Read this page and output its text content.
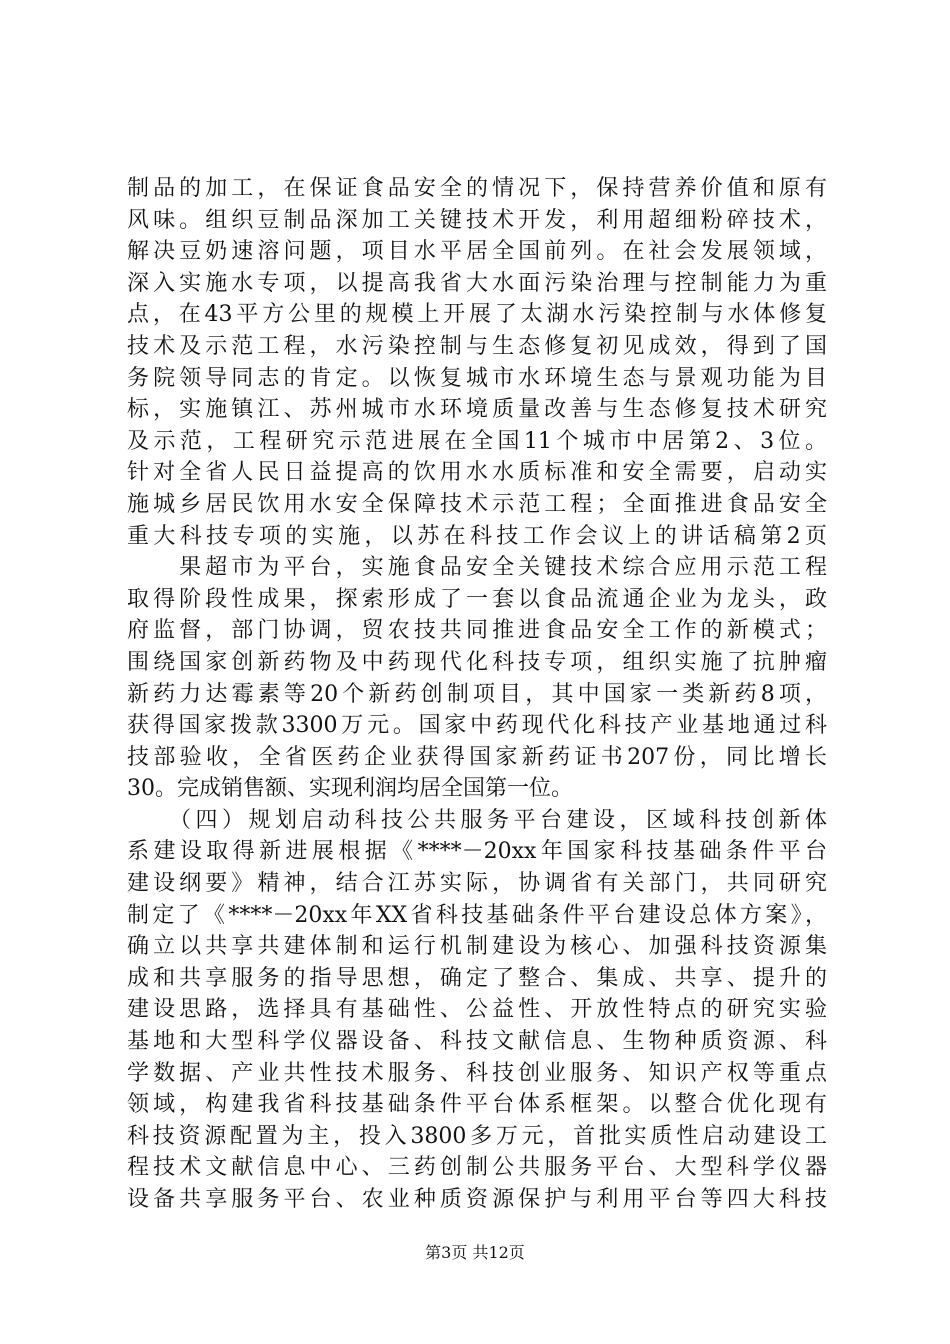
制品的加工，在保证食品安全的情况下，保持营养价值和原有
风味。组织豆制品深加工关键技术开发，利用超细粉碎技术，
解决豆奶速溶问题，项目水平居全国前列。在社会发展领域，
深入实施水专项，以提高我省大水面污染治理与控制能力为重
点，在43平方公里的规模上开展了太湖水污染控制与水体修复
技术及示范工程，水污染控制与生态修复初见成效，得到了国
务院领导同志的肯定。以恢复城市水环境生态与景观功能为目
标，实施镇江、苏州城市水环境质量改善与生态修复技术研究
及示范，工程研究示范进展在全国11个城市中居第2、3位。
针对全省人民日益提高的饮用水水质标准和安全需要，启动实
施城乡居民饮用水安全保障技术示范工程；全面推进食品安全
重大科技专项的实施，以苏在科技工作会议上的讲话稿第2页
　　果超市为平台，实施食品安全关键技术综合应用示范工程
取得阶段性成果，探索形成了一套以食品流通企业为龙头，政
府监督，部门协调，贸农技共同推进食品安全工作的新模式；
围绕国家创新药物及中药现代化科技专项，组织实施了抗肿瘤
新药力达霉素等20个新药创制项目，其中国家一类新药8项，
获得国家拨款3300万元。国家中药现代化科技产业基地通过科
技部验收，全省医药企业获得国家新药证书207份，同比增长
30。完成销售额、实现利润均居全国第一位。
　　（四）规划启动科技公共服务平台建设，区域科技创新体
系建设取得新进展根据《****－20xx年国家科技基础条件平台
建设纲要》精神，结合江苏实际，协调省有关部门，共同研究
制定了《****－20xx年XX省科技基础条件平台建设总体方案》，
确立以共享共建体制和运行机制建设为核心、加强科技资源集
成和共享服务的指导思想，确定了整合、集成、共享、提升的
建设思路，选择具有基础性、公益性、开放性特点的研究实验
基地和大型科学仪器设备、科技文献信息、生物种质资源、科
学数据、产业共性技术服务、科技创业服务、知识产权等重点
领域，构建我省科技基础条件平台体系框架。以整合优化现有
科技资源配置为主，投入3800多万元，首批实质性启动建设工
程技术文献信息中心、三药创制公共服务平台、大型科学仪器
设备共享服务平台、农业种质资源保护与利用平台等四大科技
第3页 共12页
